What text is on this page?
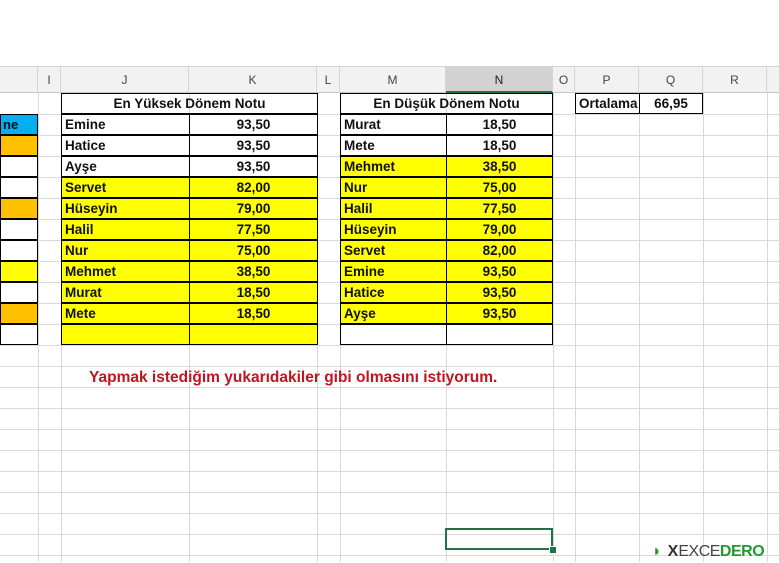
I	J	K	L	M	N	O	P	Q	R
ne
En Yüksek Dönem Notu
Emine	93,50
Hatice	93,50
Ayşe	93,50
Servet	82,00
Hüseyin	79,00
Halil	77,50
Nur	75,00
Mehmet	38,50
Murat	18,50
Mete	18,50
En Düşük Dönem Notu
Murat	18,50
Mete	18,50
Mehmet	38,50
Nur	75,00
Halil	77,50
Hüseyin	79,00
Servet	82,00
Emine	93,50
Hatice	93,50
Ayşe	93,50
Ortalama	66,95
Yapmak istediğim yukarıdakiler gibi olmasını istiyorum.
◗ XEXCEDERO
